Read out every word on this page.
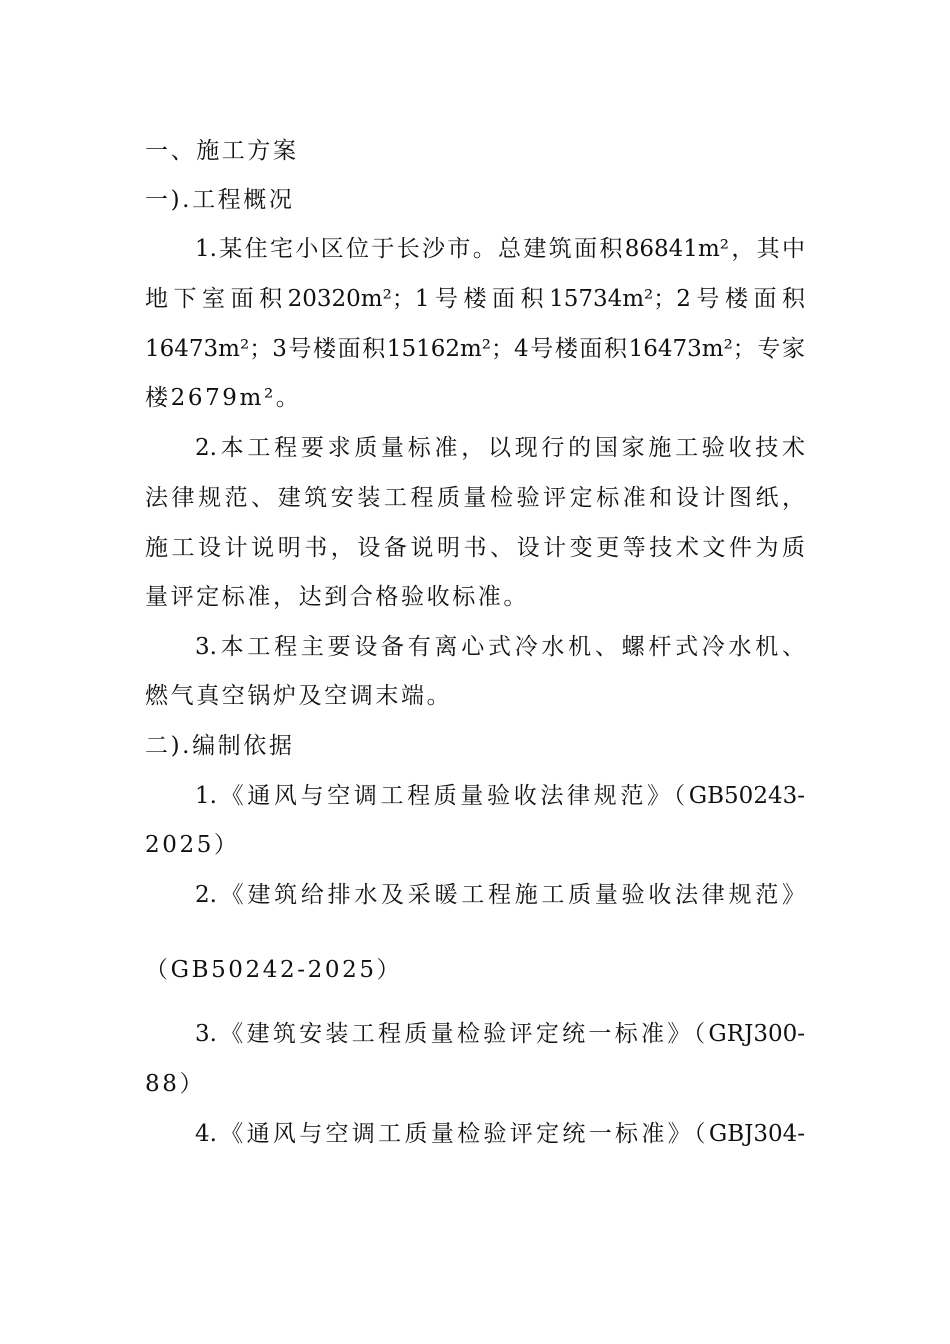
一、施工方案
一).工程概况
1.某住宅小区位于长沙市。总建筑面积86841m²，其中
地下室面积20320m²；1号楼面积15734m²；2号楼面积
16473m²；3号楼面积15162m²；4号楼面积16473m²；专家
楼2679m²。
2.本工程要求质量标准，以现行的国家施工验收技术
法律规范、建筑安装工程质量检验评定标准和设计图纸，
施工设计说明书，设备说明书、设计变更等技术文件为质
量评定标准，达到合格验收标准。
3.本工程主要设备有离心式冷水机、螺杆式冷水机、
燃气真空锅炉及空调末端。
二).编制依据
1.《通风与空调工程质量验收法律规范》（GB50243-
2025）
2.《建筑给排水及采暖工程施工质量验收法律规范》
（GB50242-2025）
3.《建筑安装工程质量检验评定统一标准》（GRJ300-
88）
4.《通风与空调工质量检验评定统一标准》（GBJ304-
